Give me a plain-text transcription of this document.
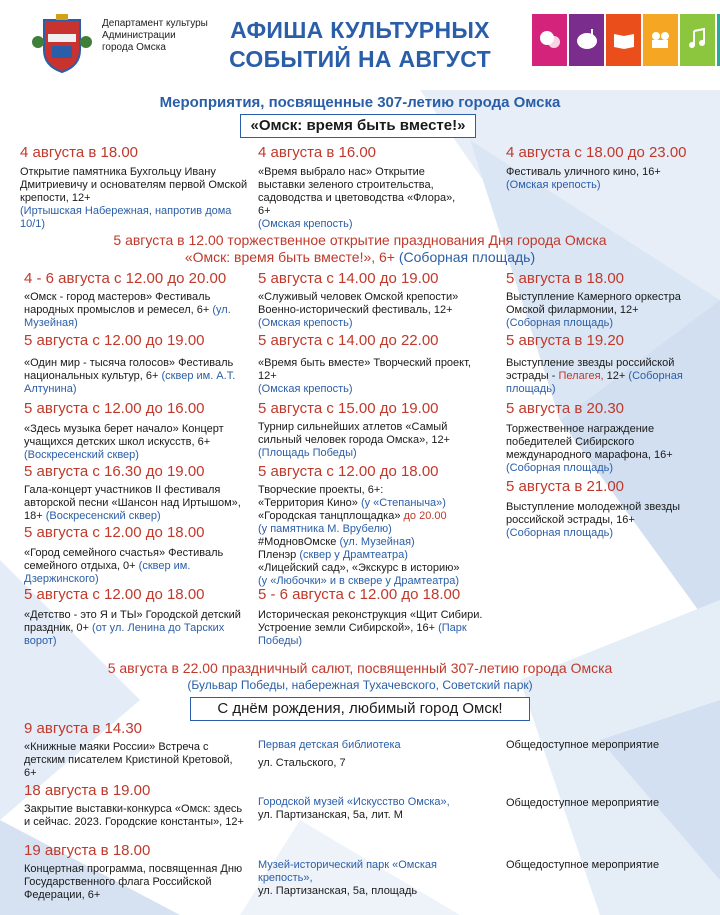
Департамент культуры
Администрации
города Омска
АФИША КУЛЬТУРНЫХ
СОБЫТИЙ НА АВГУСТ
Мероприятия, посвященные 307-летию города Омска
«Омск: время быть вместе!»
4 августа в 18.00
Открытие памятника Бухгольцу Ивану Дмитриевичу и основателям первой Омской крепости, 12+
(Иртышская Набережная, напротив дома 10/1)
4 августа в 16.00
«Время выбрало нас» Открытие выставки зеленого строительства, садоводства и цветоводства «Флора», 6+
(Омская крепость)
4 августа с 18.00 до 23.00
Фестиваль уличного кино, 16+
(Омская крепость)
5 августа в 12.00 торжественное открытие празднования Дня города Омска
«Омск: время быть вместе!», 6+ (Соборная площадь)
4 - 6 августа с 12.00 до 20.00
«Омск - город мастеров» Фестиваль народных промыслов и ремесел, 6+ (ул. Музейная)
5 августа с 12.00 до 19.00
«Один мир - тысяча голосов» Фестиваль национальных культур, 6+ (сквер им. А.Т. Алтунина)
5 августа с 12.00 до 16.00
«Здесь музыка берет начало» Концерт учащихся детских школ искусств, 6+ (Воскресенский сквер)
5 августа с 16.30 до 19.00
Гала-концерт участников II фестиваля авторской песни «Шансон над Иртышом», 18+ (Воскресенский сквер)
5 августа с 12.00 до 18.00
«Город семейного счастья» Фестиваль семейного отдыха, 0+ (сквер им. Дзержинского)
5 августа с 12.00 до 18.00
«Детство - это Я и ТЫ» Городской детский праздник, 0+ (от ул. Ленина до Тарских ворот)
5 августа с 14.00 до 19.00
«Служивый человек Омской крепости» Военно-исторический фестиваль, 12+
(Омская крепость)
5 августа с 14.00 до 22.00
«Время быть вместе» Творческий проект, 12+
(Омская крепость)
5 августа с 15.00 до 19.00
Турнир сильнейших атлетов «Самый сильный человек города Омска», 12+ (Площадь Победы)
5 августа с 12.00 до 18.00
Творческие проекты, 6+:
«Территория Кино» (у «Степаныча»)
«Городская танцплощадка» до 20.00
(у памятника М. Врубелю)
#МодновОмске (ул. Музейная)
Пленэр (сквер у Драмтеатра)
«Лицейский сад», «Экскурс в историю»
(у «Любочки» и в сквере у Драмтеатра)
5 - 6 августа с 12.00 до 18.00
Историческая реконструкция «Щит Сибири. Устроение земли Сибирской», 16+ (Парк Победы)
5 августа в 18.00
Выступление Камерного оркестра Омской филармонии, 12+
(Соборная площадь)
5 августа в 19.20
Выступление звезды российской эстрады - Пелагея, 12+ (Соборная площадь)
5 августа в 20.30
Торжественное награждение победителей Сибирского международного марафона, 16+
(Соборная площадь)
5 августа в 21.00
Выступление молодежной звезды российской эстрады, 16+
(Соборная площадь)
5 августа в 22.00 праздничный салют, посвященный 307-летию города Омска
(Бульвар Победы, набережная Тухачевского, Советский парк)
С днём рождения, любимый город Омск!
9 августа в 14.30
«Книжные маяки России» Встреча с детским писателем Кристиной Кретовой, 6+
Первая детская библиотека
ул. Стальского, 7
Общедоступное мероприятие
18 августа в 19.00
Закрытие выставки-конкурса «Омск: здесь и сейчас. 2023. Городские константы», 12+
Городской музей «Искусство Омска»,
ул. Партизанская, 5а, лит. М
Общедоступное мероприятие
19 августа в 18.00
Концертная программа, посвященная Дню Государственного флага Российской Федерации, 6+
Музей-исторический парк «Омская крепость»,
ул. Партизанская, 5а, площадь
Общедоступное мероприятие
